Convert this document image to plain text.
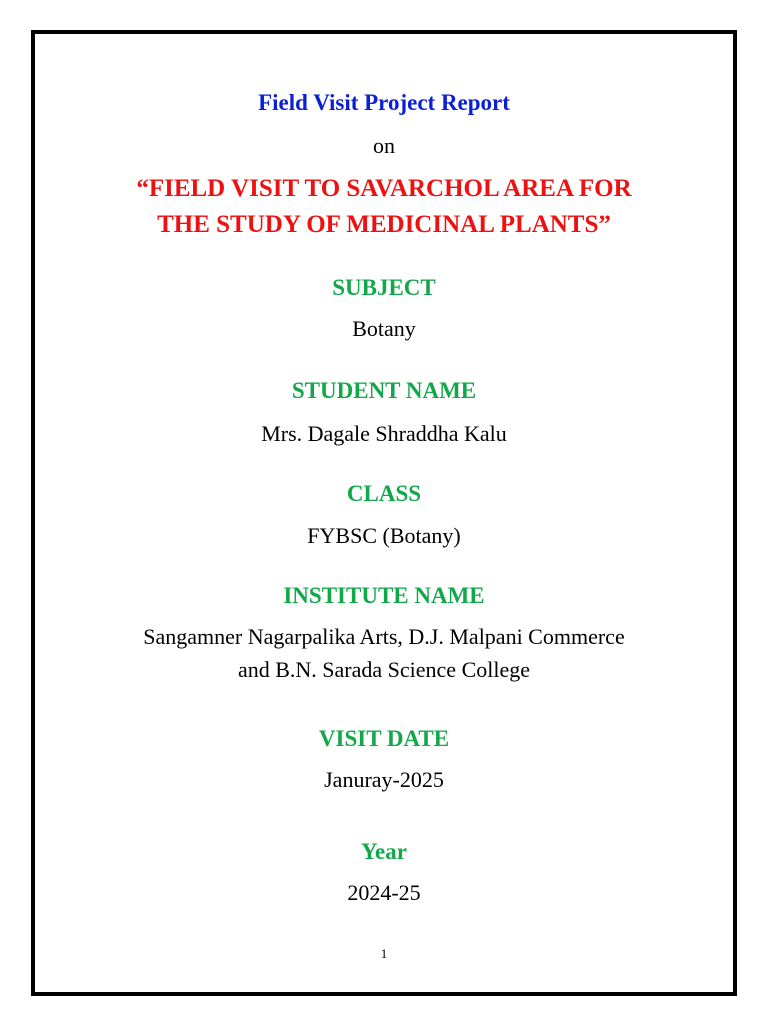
Field Visit Project Report
on
“FIELD VISIT TO SAVARCHOL AREA FOR
THE STUDY OF MEDICINAL PLANTS”
SUBJECT
Botany
STUDENT NAME
Mrs. Dagale Shraddha Kalu
CLASS
FYBSC (Botany)
INSTITUTE NAME
Sangamner Nagarpalika Arts, D.J. Malpani Commerce
and B.N. Sarada Science College
VISIT DATE
Januray-2025
Year
2024-25
1
